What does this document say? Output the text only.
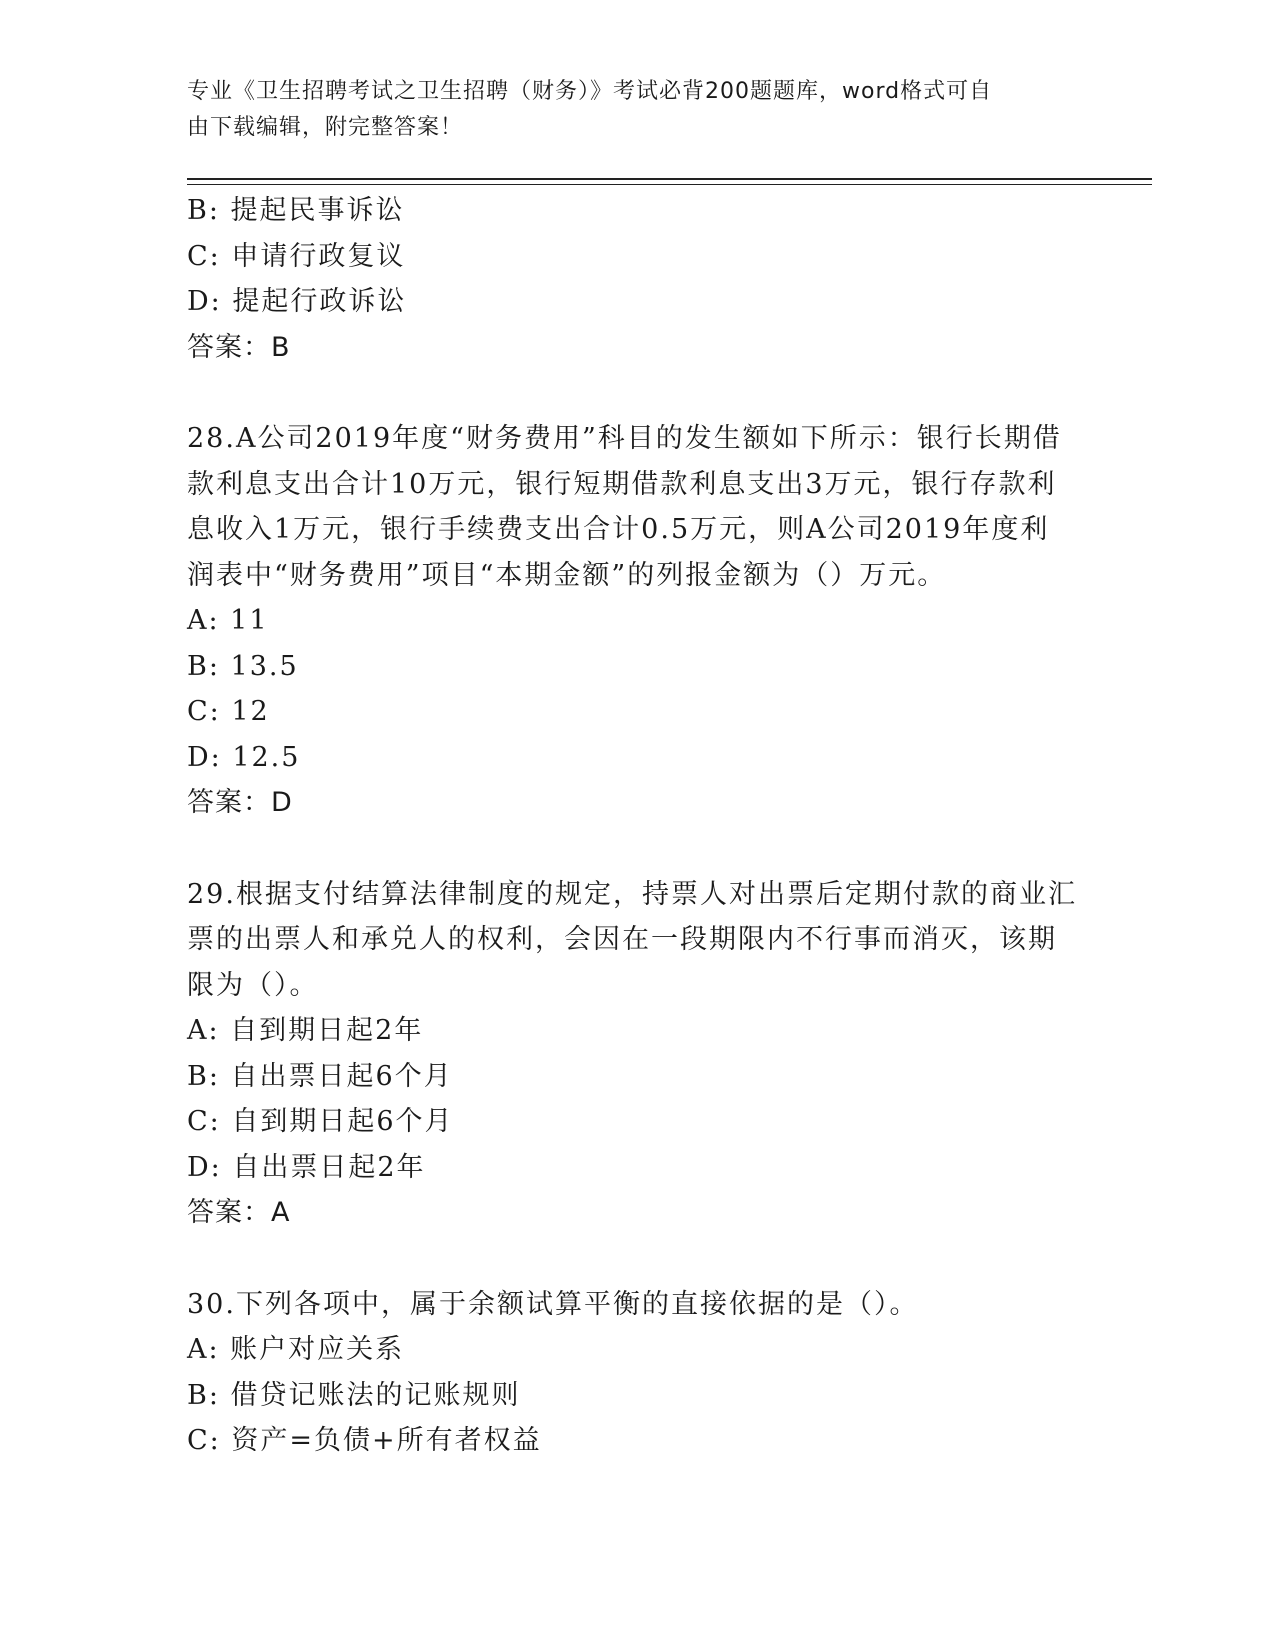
专业《卫生招聘考试之卫生招聘（财务）》考试必背200题题库，word格式可自
由下载编辑，附完整答案！
B: 提起民事诉讼
C: 申请行政复议
D: 提起行政诉讼
答案：B
28.A公司2019年度“财务费用”科目的发生额如下所示：银行长期借
款利息支出合计10万元，银行短期借款利息支出3万元，银行存款利
息收入1万元，银行手续费支出合计0.5万元，则A公司2019年度利
润表中“财务费用”项目“本期金额”的列报金额为（）万元。
A: 11
B: 13.5
C: 12
D: 12.5
答案：D
29.根据支付结算法律制度的规定，持票人对出票后定期付款的商业汇
票的出票人和承兑人的权利，会因在一段期限内不行事而消灭，该期
限为（）。
A: 自到期日起2年
B: 自出票日起6个月
C: 自到期日起6个月
D: 自出票日起2年
答案：A
30.下列各项中，属于余额试算平衡的直接依据的是（）。
A: 账户对应关系
B: 借贷记账法的记账规则
C: 资产=负债+所有者权益
